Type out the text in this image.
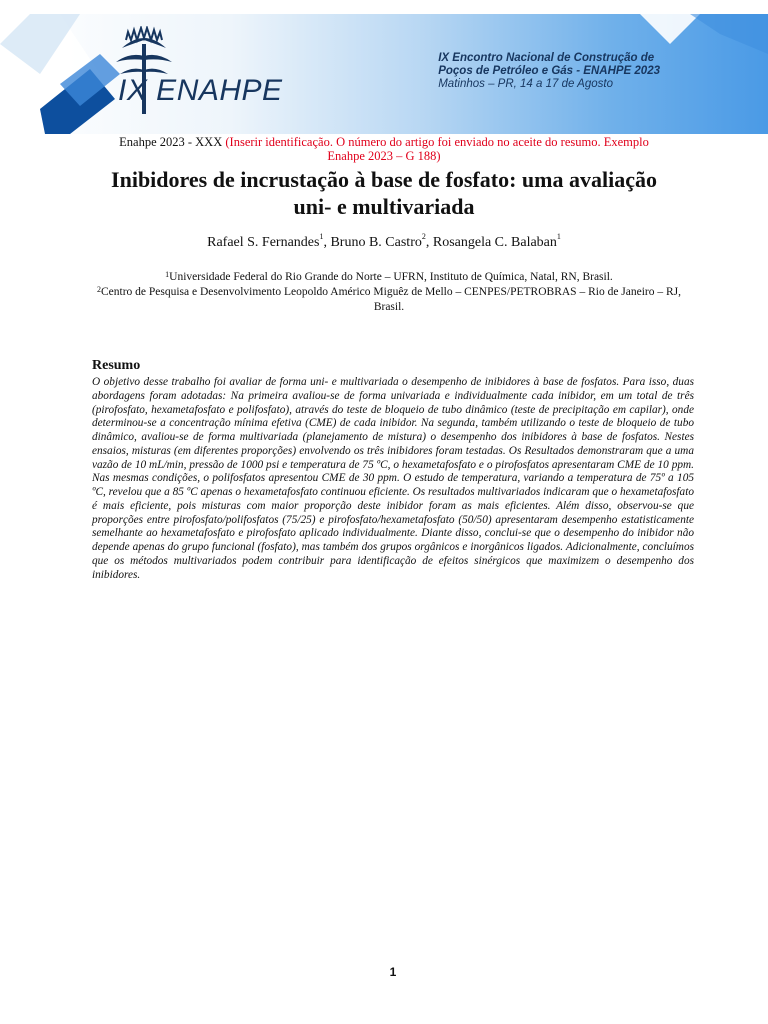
IX ENAHPE
IX Encontro Nacional de Construção de
Poços de Petróleo e Gás - ENAHPE 2023
Matinhos – PR, 14 a 17 de Agosto
Enahpe 2023 - XXX (Inserir identificação. O número do artigo foi enviado no aceite do resumo. Exemplo Enahpe 2023 – G 188)
Inibidores de incrustação à base de fosfato: uma avaliação uni- e multivariada
Rafael S. Fernandes$^1$, Bruno B. Castro$^2$, Rosangela C. Balaban$^1$
$^1$Universidade Federal do Rio Grande do Norte – UFRN, Instituto de Química, Natal, RN, Brasil.
$^2$Centro de Pesquisa e Desenvolvimento Leopoldo Américo Miguêz de Mello – CENPES/PETROBRAS – Rio de Janeiro – RJ, Brasil.
Resumo
O objetivo desse trabalho foi avaliar de forma uni- e multivariada o desempenho de inibidores à base de fosfatos. Para isso, duas abordagens foram adotadas: Na primeira avaliou-se de forma univariada e individualmente cada inibidor, em um total de três (pirofosfato, hexametafosfato e polifosfato), através do teste de bloqueio de tubo dinâmico (teste de precipitação em capilar), onde determinou-se a concentração mínima efetiva (CME) de cada inibidor. Na segunda, também utilizando o teste de bloqueio de tubo dinâmico, avaliou-se de forma multivariada (planejamento de mistura) o desempenho dos inibidores à base de fosfatos. Nestes ensaios, misturas (em diferentes proporções) envolvendo os três inibidores foram testadas. Os Resultados demonstraram que a uma vazão de 10 mL/min, pressão de 1000 psi e temperatura de 75 ºC, o hexametafosfato e o pirofosfatos apresentaram CME de 10 ppm. Nas mesmas condições, o polifosfatos apresentou CME de 30 ppm. O estudo de temperatura, variando a temperatura de 75º a 105 ºC, revelou que a 85 ºC apenas o hexametafosfato continuou eficiente. Os resultados multivariados indicaram que o hexametafosfato é mais eficiente, pois misturas com maior proporção deste inibidor foram as mais eficientes. Além disso, observou-se que proporções entre pirofosfato/polifosfatos (75/25) e pirofosfato/hexametafosfato (50/50) apresentaram desempenho estatisticamente semelhante ao hexametafosfato e pirofosfato aplicado individualmente. Diante disso, conclui-se que o desempenho do inibidor não depende apenas do grupo funcional (fosfato), mas também dos grupos orgânicos e inorgânicos ligados. Adicionalmente, concluímos que os métodos multivariados podem contribuir para identificação de efeitos sinérgicos que maximizem o desempenho dos inibidores.
1
